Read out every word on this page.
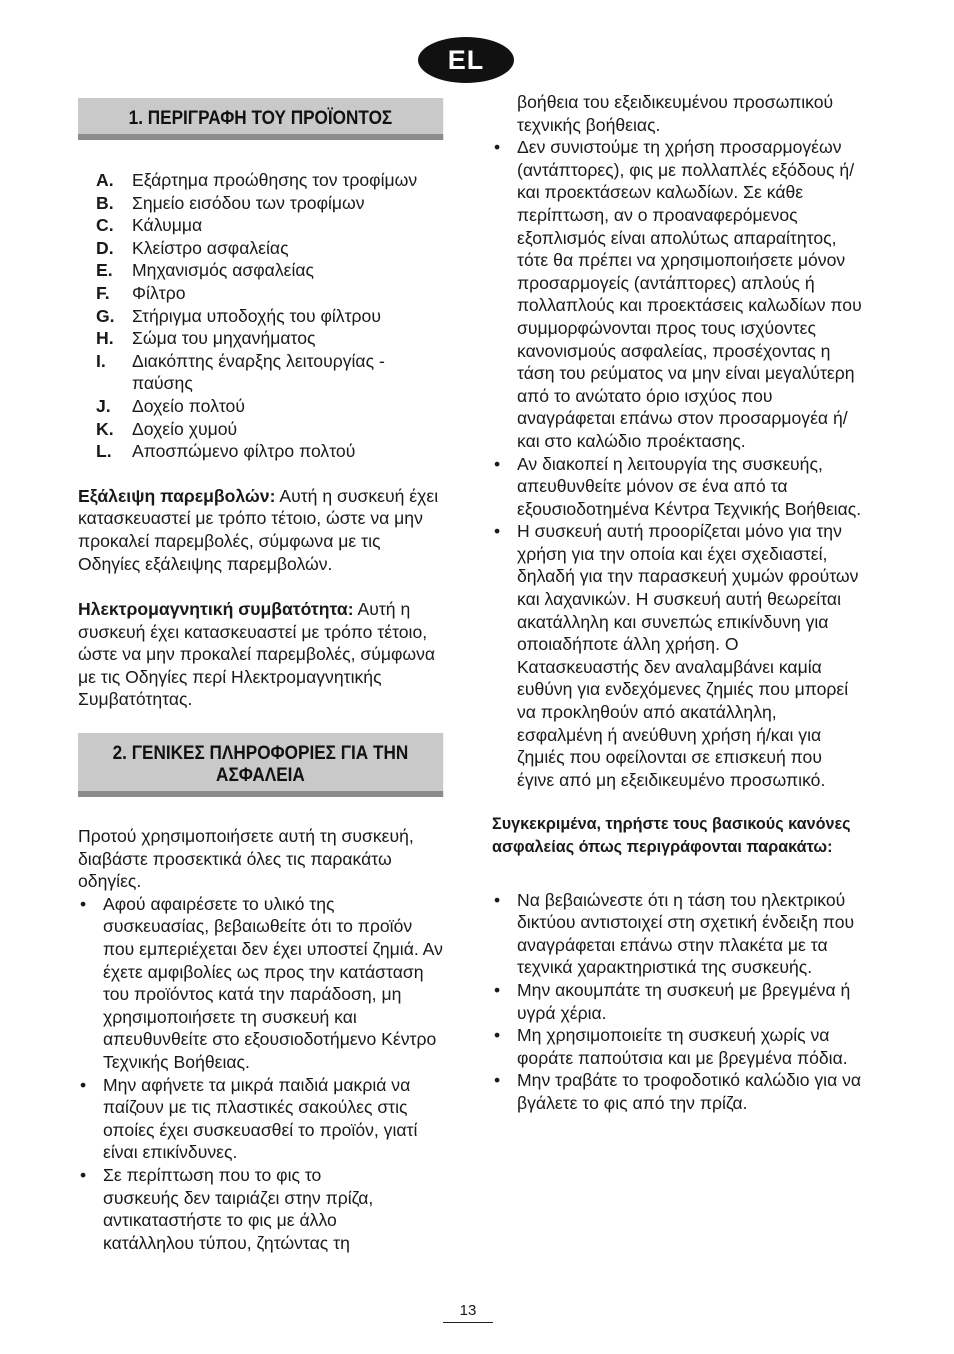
EL
1. ΠΕΡΙΓΡΑΦΗ ΤΟΥ ΠΡΟΪΟΝΤΟΣ
A.	Εξάρτημα προώθησης τον τροφίμων
B.	Σημείο εισόδου των τροφίμων
C.	Κάλυμμα
D.	Κλείστρο ασφαλείας
E.	Μηχανισμός ασφαλείας
F.	Φίλτρο
G. Στήριγμα υποδοχής του φίλτρου
H.	Σώμα του μηχανήματος
I.	Διακόπτης έναρξης λειτουργίας - παύσης
J.	Δοχείο πολτού
K.	Δοχείο χυμού
L.	Αποσπώμενο φίλτρο πολτού

Εξάλειψη παρεμβολών: Αυτή η συσκευή έχει κατασκευαστεί με τρόπο τέτοιο, ώστε να μην προκαλεί παρεμβολές, σύμφωνα με τις Οδηγίες εξάλειψης παρεμβολών.

Ηλεκτρομαγνητική συμβατότητα: Αυτή η συσκευή έχει κατασκευαστεί με τρόπο τέτοιο, ώστε να μην προκαλεί παρεμβολές, σύμφωνα με τις Οδηγίες περί Ηλεκτρομαγνητικής Συμβατότητας.

2. ΓΕΝΙΚΕΣ ΠΛΗΡΟΦΟΡΙΕΣ ΓΙΑ ΤΗΝ
ΑΣΦΑΛΕΙΑ

Προτού χρησιμοποιήσετε αυτή τη συσκευή, διαβάστε προσεκτικά όλες τις παρακάτω οδηγίες.

• Αφού αφαιρέσετε το υλικό της συσκευασίας, βεβαιωθείτε ότι το προϊόν που εμπεριέχεται δεν έχει υποστεί ζημιά. Αν έχετε αμφιβολίες ως προς την κατάσταση του προϊόντος κατά την παράδοση, μη χρησιμοποιήσετε τη συσκευή και απευθυνθείτε στο εξουσιοδοτήμενο Κέντρο Τεχνικής Βοήθειας.
• Μην αφήνετε τα μικρά παιδιά μακριά να παίζουν με τις πλαστικές σακούλες στις οποίες έχει συσκευασθεί το προϊόν, γιατί είναι επικίνδυνες.
• Σε περίπτωση που το φις το συσκευής δεν ταιριάζει στην πρίζα, αντικαταστήστε το φις με άλλο κατάλληλου τύπου, ζητώντας τη

βοήθεια του εξειδικευμένου προσωπικού τεχνικής βοήθειας.

• Δεν συνιστούμε τη χρήση προσαρμογέων (αντάπτορες), φις με πολλαπλές εξόδους ή/και προεκτάσεων καλωδίων. Σε κάθε περίπτωση, αν ο προαναφερόμενος εξοπλισμός είναι απολύτως απαραίτητος, τότε θα πρέπει να χρησιμοποιήσετε μόνον προσαρμογείς (αντάπτορες) απλούς ή πολλαπλούς και προεκτάσεις καλωδίων που συμμορφώνονται προς τους ισχύοντες κανονισμούς ασφαλείας, προσέχοντας η τάση του ρεύματος να μην είναι μεγαλύτερη από το ανώτατο όριο ισχύος που αναγράφεται επάνω στον προσαρμογέα ή/και στο καλώδιο προέκτασης.
• Αν διακοπεί η λειτουργία της συσκευής, απευθυνθείτε μόνον σε ένα από τα εξουσιοδοτημένα Κέντρα Τεχνικής Βοήθειας.
• Η συσκευή αυτή προορίζεται μόνο για την χρήση για την οποία και έχει σχεδιαστεί, δηλαδή για την παρασκευή χυμών φρούτων και λαχανικών. Η συσκευή αυτή θεωρείται ακατάλληλη και συνεπώς επικίνδυνη για οποιαδήποτε άλλη χρήση. Ο Κατασκευαστής δεν αναλαμβάνει καμία ευθύνη για ενδεχόμενες ζημιές που μπορεί να προκληθούν από ακατάλληλη, εσφαλμένη ή ανεύθυνη χρήση ή/και για ζημιές που οφείλονται σε επισκευή που έγινε από μη εξειδικευμένο προσωπικό.

Συγκεκριμένα, τηρήστε τους βασικούς κανόνες ασφαλείας όπως περιγράφονται παρακάτω:

• Να βεβαιώνεστε ότι η τάση του ηλεκτρικού δικτύου αντιστοιχεί στη σχετική ένδειξη που αναγράφεται επάνω στην πλακέτα με τα τεχνικά χαρακτηριστικά της συσκευής.
• Μην ακουμπάτε τη συσκευή με βρεγμένα ή υγρά χέρια.
• Μη χρησιμοποιείτε τη συσκευή χωρίς να φοράτε παπούτσια και με βρεγμένα πόδια.
• Μην τραβάτε το τροφοδοτικό καλώδιο για να βγάλετε το φις από την πρίζα.
13
